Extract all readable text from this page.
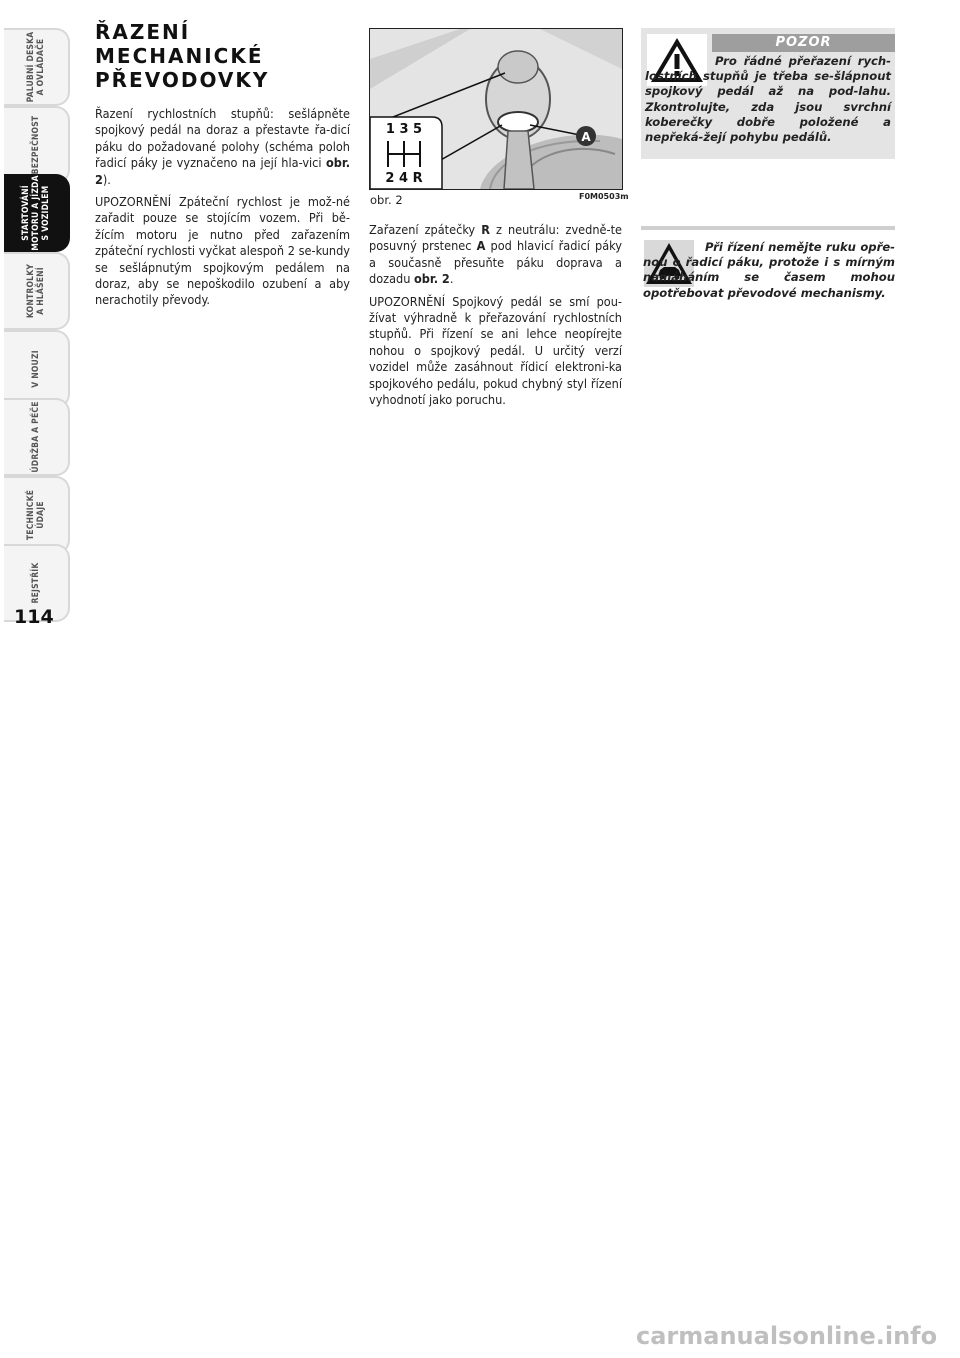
PALUBNÍ DESKA
A OVLÁDAČE
BEZPEČNOST
STARTOVÁNÍ
MOTORU A JÍZDA
S VOZIDLEM
KONTROLKY
A HLÁŠENÍ
V NOUZI
ÚDRŽBA A PÉČE
TECHNICKÉ
ÚDAJE
REJSTŘÍK
114
ŘAZENÍ
MECHANICKÉ
PŘEVODOVKY

Řazení rychlostních stupňů: sešlápněte spojkový pedál na doraz a přestavte řa-dicí páku do požadované polohy (schéma poloh řadicí páky je vyznačeno na její hla-vici obr. 2).

UPOZORNĚNÍ Zpáteční rychlost je mož-né zařadit pouze se stojícím vozem. Při bě-žícím motoru je nutno před zařazením zpáteční rychlosti vyčkat alespoň 2 se-kundy se sešlápnutým spojkovým pedálem na doraz, aby se nepoškodilo ozubení a aby nerachotily převody.

1 3 5
2 4 R
A
obr. 2	F0M0503m

Zařazení zpátečky R z neutrálu: zvedně-te posuvný prstenec A pod hlavicí řadicí páky a současně přesuňte páku doprava a dozadu obr. 2.

UPOZORNĚNÍ Spojkový pedál se smí pou-žívat výhradně k přeřazování rychlostních stupňů. Při řízení se ani lehce neopírejte nohou o spojkový pedál. U určitý verzí vozidel může zasáhnout řídicí elektroni-ka spojkového pedálu, pokud chybný styl řízení vyhodnotí jako poruchu.

POZOR
Pro řádné přeřazení rych-lostních stupňů je třeba se-šlápnout spojkový pedál až na pod-lahu. Zkontrolujte, zda jsou svrchní koberečky dobře položené a nepřeká-žejí pohybu pedálů.
Při řízení nemějte ruku opře-nou o řadicí páku, protože i s mírným namáháním se časem mohou opotřebovat převodové mechanismy.
carmanualsonline.info
